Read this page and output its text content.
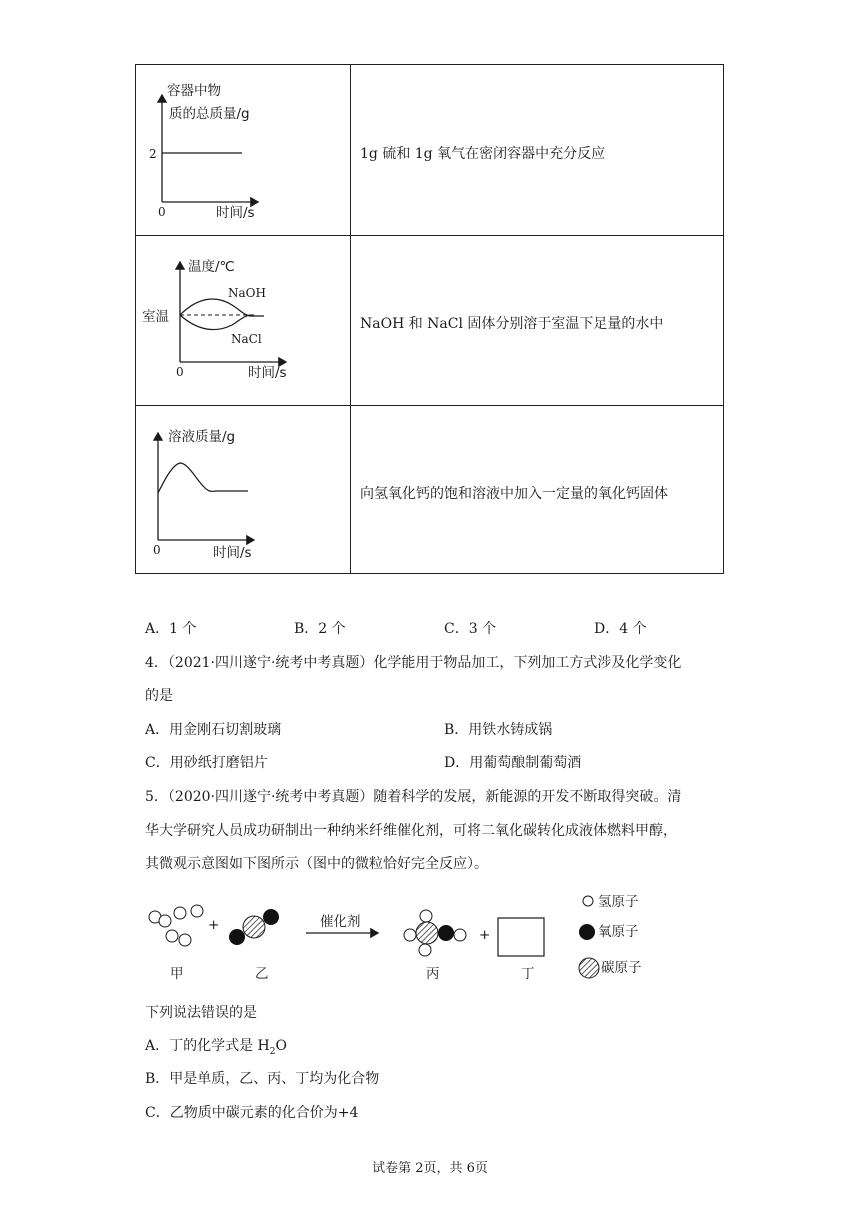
容器中物
质的总质量/g
2
0	时间/s
1g 硫和 1g 氧气在密闭容器中充分反应
温度/℃
室温
NaOH
NaCl
0	时间/s
NaOH 和 NaCl 固体分别溶于室温下足量的水中
溶液质量/g
0	时间/s
向氢氧化钙的饱和溶液中加入一定量的氧化钙固体
A．1 个	B．2 个	C．3 个	D．4 个
4．（2021·四川遂宁·统考中考真题）化学能用于物品加工，下列加工方式涉及化学变化
的是
A．用金刚石切割玻璃	B．用铁水铸成锅
C．用砂纸打磨铝片	D．用葡萄酿制葡萄酒
5．（2020·四川遂宁·统考中考真题）随着科学的发展，新能源的开发不断取得突破。清
华大学研究人员成功研制出一种纳米纤维催化剂，可将二氧化碳转化成液体燃料甲醇，
其微观示意图如下图所示（图中的微粒恰好完全反应）。
+	催化剂
+
甲	乙	丙	丁
氢原子
氧原子
碳原子
下列说法错误的是
A．丁的化学式是 $H_2O$
B．甲是单质，乙、丙、丁均为化合物
C．乙物质中碳元素的化合价为+4
试卷第 2页，共 6页
